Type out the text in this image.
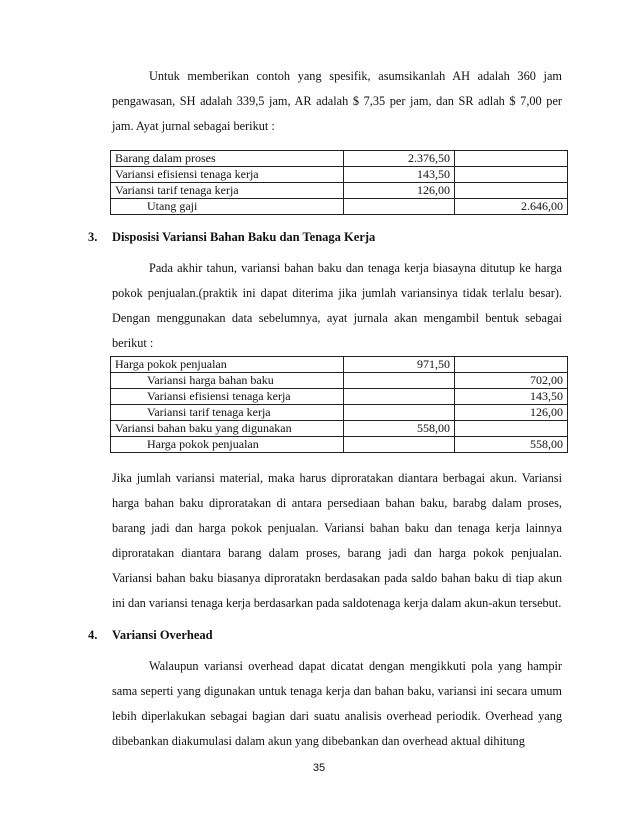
Untuk memberikan contoh yang spesifik, asumsikanlah AH adalah 360 jam pengawasan, SH adalah 339,5 jam, AR adalah $ 7,35 per jam, dan SR adlah $ 7,00 per jam. Ayat jurnal sebagai berikut :

Barang dalam proses	2.376,50	
Variansi efisiensi tenaga kerja	143,50	
Variansi tarif tenaga kerja	126,00	
Utang gaji		2.646,00

3. Disposisi Variansi Bahan Baku dan Tenaga Kerja

Pada akhir tahun, variansi bahan baku dan tenaga kerja biasayna ditutup ke harga pokok penjualan.(praktik ini dapat diterima jika jumlah variansinya tidak terlalu besar). Dengan menggunakan data sebelumnya, ayat jurnala akan mengambil bentuk sebagai berikut :

Harga pokok penjualan	971,50	
Variansi harga bahan baku		702,00
Variansi efisiensi tenaga kerja		143,50
Variansi tarif tenaga kerja		126,00
Variansi bahan baku yang digunakan	558,00	
Harga pokok penjualan		558,00

Jika jumlah variansi material, maka harus diproratakan diantara berbagai akun. Variansi harga bahan baku diproratakan di antara persediaan bahan baku, barabg dalam proses, barang jadi dan harga pokok penjualan. Variansi bahan baku dan tenaga kerja lainnya diproratakan diantara barang dalam proses, barang jadi dan harga pokok penjualan. Variansi bahan baku biasanya diproratakn berdasakan pada saldo bahan baku di tiap akun ini dan variansi tenaga kerja berdasarkan pada saldotenaga kerja dalam akun-akun tersebut.

4. Variansi Overhead

Walaupun variansi overhead dapat dicatat dengan mengikkuti pola yang hampir sama seperti yang digunakan untuk tenaga kerja dan bahan baku, variansi ini secara umum lebih diperlakukan sebagai bagian dari suatu analisis overhead periodik. Overhead yang dibebankan diakumulasi dalam akun yang dibebankan dan overhead aktual dihitung

35
